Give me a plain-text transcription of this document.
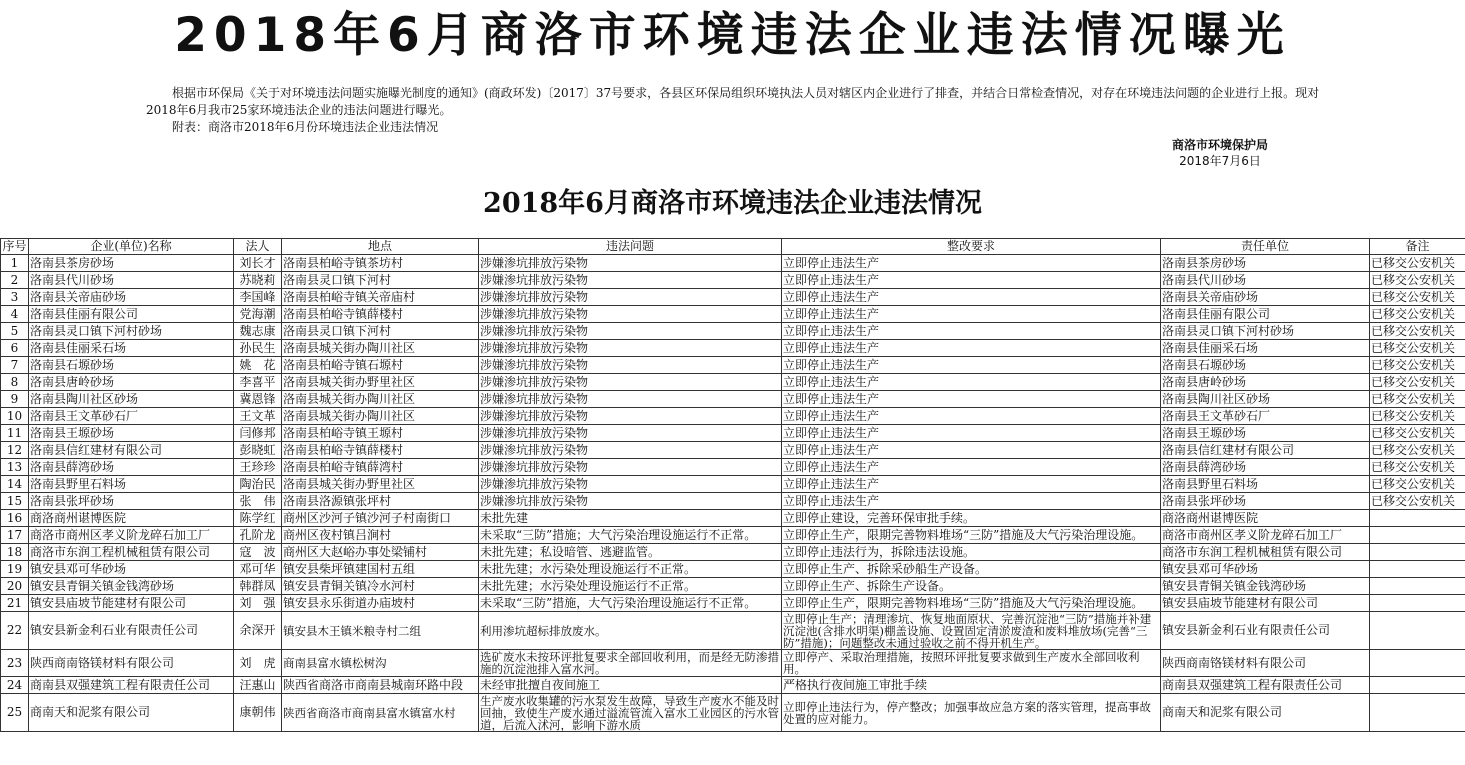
2018年6月商洛市环境违法企业违法情况曝光

根据市环保局《关于对环境违法问题实施曝光制度的通知》(商政环发)〔2017〕37号要求，各县区环保局组织环境执法人员对辖区内企业进行了排查，并结合日常检查情况，对存在环境违法问题的企业进行上报。现对2018年6月我市25家环境违法企业的违法问题进行曝光。

附表：商洛市2018年6月份环境违法企业违法情况

商洛市环境保护局
2018年7月6日
2018年6月商洛市环境违法企业违法情况
序号	企业(单位)名称	法人	地点	违法问题	整改要求	责任单位	备注
1	洛南县茶房砂场	刘长才	洛南县柏峪寺镇茶坊村	涉嫌渗坑排放污染物	立即停止违法生产	洛南县茶房砂场	已移交公安机关
2	洛南县代川砂场	苏晓莉	洛南县灵口镇下河村	涉嫌渗坑排放污染物	立即停止违法生产	洛南县代川砂场	已移交公安机关
3	洛南县关帝庙砂场	李国峰	洛南县柏峪寺镇关帝庙村	涉嫌渗坑排放污染物	立即停止违法生产	洛南县关帝庙砂场	已移交公安机关
4	洛南县佳丽有限公司	党海潮	洛南县柏峪寺镇薛楼村	涉嫌渗坑排放污染物	立即停止违法生产	洛南县佳丽有限公司	已移交公安机关
5	洛南县灵口镇下河村砂场	魏志康	洛南县灵口镇下河村	涉嫌渗坑排放污染物	立即停止违法生产	洛南县灵口镇下河村砂场	已移交公安机关
6	洛南县佳丽采石场	孙民生	洛南县城关街办陶川社区	涉嫌渗坑排放污染物	立即停止违法生产	洛南县佳丽采石场	已移交公安机关
7	洛南县石塬砂场	姚　花	洛南县柏峪寺镇石塬村	涉嫌渗坑排放污染物	立即停止违法生产	洛南县石塬砂场	已移交公安机关
8	洛南县唐岭砂场	李喜平	洛南县城关街办野里社区	涉嫌渗坑排放污染物	立即停止违法生产	洛南县唐岭砂场	已移交公安机关
9	洛南县陶川社区砂场	冀恩锋	洛南县城关街办陶川社区	涉嫌渗坑排放污染物	立即停止违法生产	洛南县陶川社区砂场	已移交公安机关
10	洛南县王文革砂石厂	王文革	洛南县城关街办陶川社区	涉嫌渗坑排放污染物	立即停止违法生产	洛南县王文革砂石厂	已移交公安机关
11	洛南县王塬砂场	闫修邦	洛南县柏峪寺镇王塬村	涉嫌渗坑排放污染物	立即停止违法生产	洛南县王塬砂场	已移交公安机关
12	洛南县信红建材有限公司	彭晓虹	洛南县柏峪寺镇薛楼村	涉嫌渗坑排放污染物	立即停止违法生产	洛南县信红建材有限公司	已移交公安机关
13	洛南县薛湾砂场	王珍珍	洛南县柏峪寺镇薛湾村	涉嫌渗坑排放污染物	立即停止违法生产	洛南县薛湾砂场	已移交公安机关
14	洛南县野里石料场	陶治民	洛南县城关街办野里社区	涉嫌渗坑排放污染物	立即停止违法生产	洛南县野里石料场	已移交公安机关
15	洛南县张坪砂场	张　伟	洛南县洛源镇张坪村	涉嫌渗坑排放污染物	立即停止违法生产	洛南县张坪砂场	已移交公安机关
16	商洛商州谌博医院	陈学红	商州区沙河子镇沙河子村南街口	未批先建	立即停止建设，完善环保审批手续。	商洛商州谌博医院	
17	商洛市商州区孝义阶龙碎石加工厂	孔阶龙	商州区夜村镇吕涧村	未采取“三防”措施；大气污染治理设施运行不正常。	立即停止生产，限期完善物料堆场“三防”措施及大气污染治理设施。	商洛市商州区孝义阶龙碎石加工厂	
18	商洛市东润工程机械租赁有限公司	寇　波	商州区大赵峪办事处梁铺村	未批先建；私设暗管、逃避监管。	立即停止违法行为，拆除违法设施。	商洛市东润工程机械租赁有限公司	
19	镇安县邓可华砂场	邓可华	镇安县柴坪镇建国村五组	未批先建；水污染处理设施运行不正常。	立即停止生产、拆除采砂船生产设备。	镇安县邓可华砂场	
20	镇安县青铜关镇金钱湾砂场	韩群凤	镇安县青铜关镇冷水河村	未批先建；水污染处理设施运行不正常。	立即停止生产、拆除生产设备。	镇安县青铜关镇金钱湾砂场	
21	镇安县庙坡节能建材有限公司	刘　强	镇安县永乐街道办庙坡村	未采取“三防”措施，大气污染治理设施运行不正常。	立即停止生产，限期完善物料堆场“三防”措施及大气污染治理设施。	镇安县庙坡节能建材有限公司	
22	镇安县新金利石业有限责任公司	余深开	镇安县木王镇米粮寺村二组	利用渗坑超标排放废水。	立即停止生产；清理渗坑、恢复地面原状、完善沉淀池“三防”措施并补建沉淀池(含排水明渠)棚盖设施、设置固定清淤废渣和废料堆放场(完善“三防”措施)；问题整改未通过验收之前不得开机生产。	镇安县新金利石业有限责任公司	
23	陕西商南铬镁材料有限公司	刘　虎	商南县富水镇松树沟	选矿废水未按环评批复要求全部回收利用，而是经无防渗措施的沉淀池排入富水河。	立即停产、采取治理措施，按照环评批复要求做到生产废水全部回收利用。	陕西商南铬镁材料有限公司	
24	商南县双强建筑工程有限责任公司	汪惠山	陕西省商洛市商南县城南环路中段	未经审批擅自夜间施工	严格执行夜间施工审批手续	商南县双强建筑工程有限责任公司	
25	商南天和泥浆有限公司	康朝伟	陕西省商洛市商南县富水镇富水村	生产废水收集罐的污水泵发生故障，导致生产废水不能及时回抽，致使生产废水通过溢流管流入富水工业园区的污水管道，后流入沭河，影响下游水质	立即停止违法行为，停产整改；加强事故应急方案的落实管理，提高事故处置的应对能力。	商南天和泥浆有限公司	
